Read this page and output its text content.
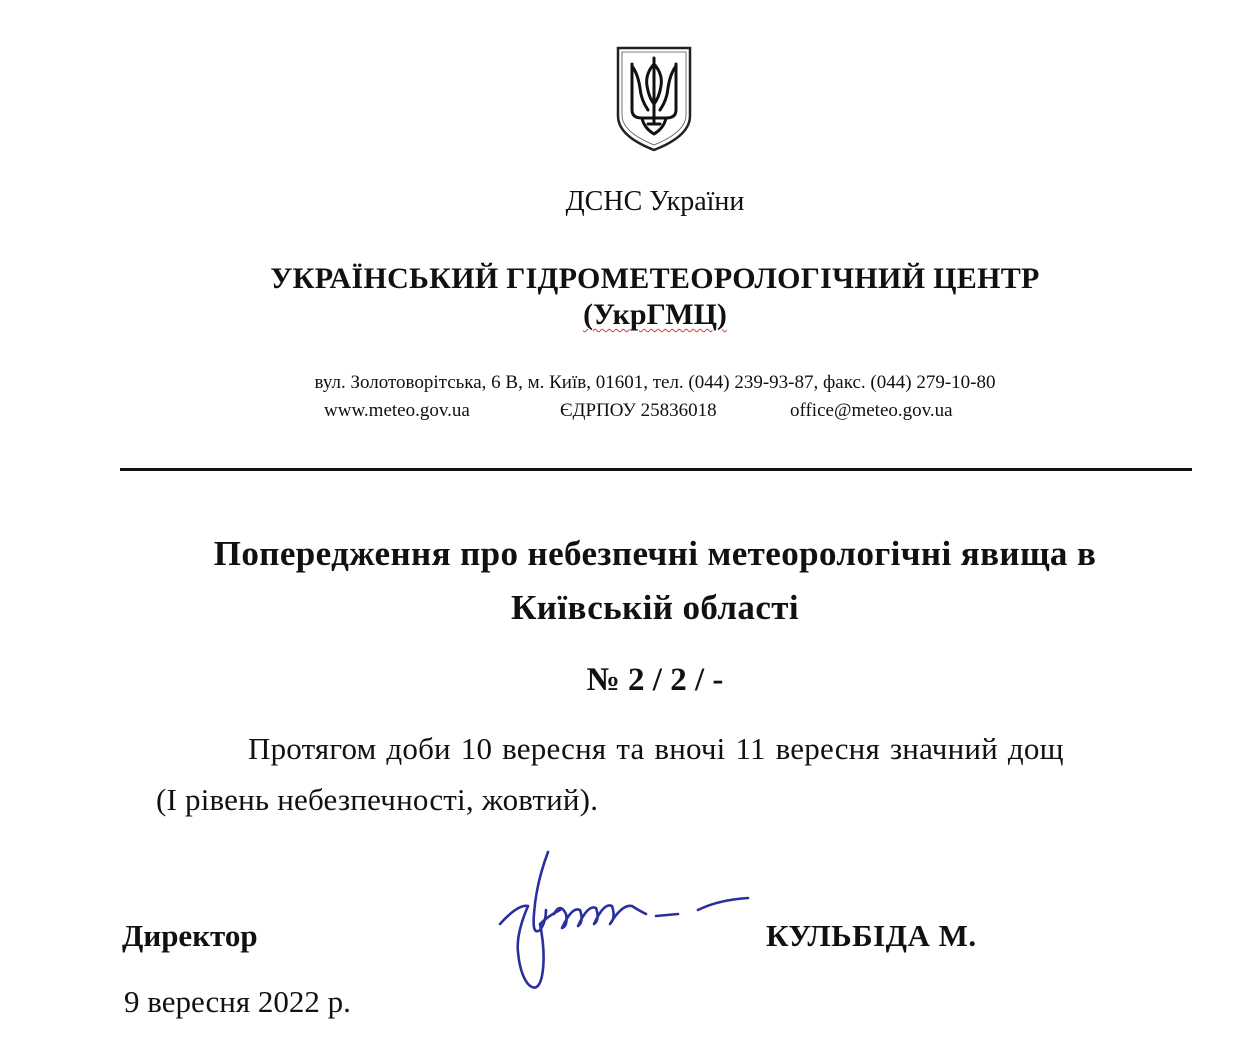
ДСНС України
УКРАЇНСЬКИЙ ГІДРОМЕТЕОРОЛОГІЧНИЙ ЦЕНТР
(УкрГМЦ)
вул. Золотоворітська, 6 В, м. Київ, 01601, тел. (044) 239-93-87, факс. (044) 279-10-80
www.meteo.gov.ua	ЄДРПОУ 25836018	office@meteo.gov.ua
Попередження про небезпечні метеорологічні явища в
Київській області
№ 2 / 2 / -
Протягом доби 10 вересня та вночі 11 вересня значний дощ
(І рівень небезпечності, жовтий).
Директор	КУЛЬБІДА М.
9 вересня 2022 р.
